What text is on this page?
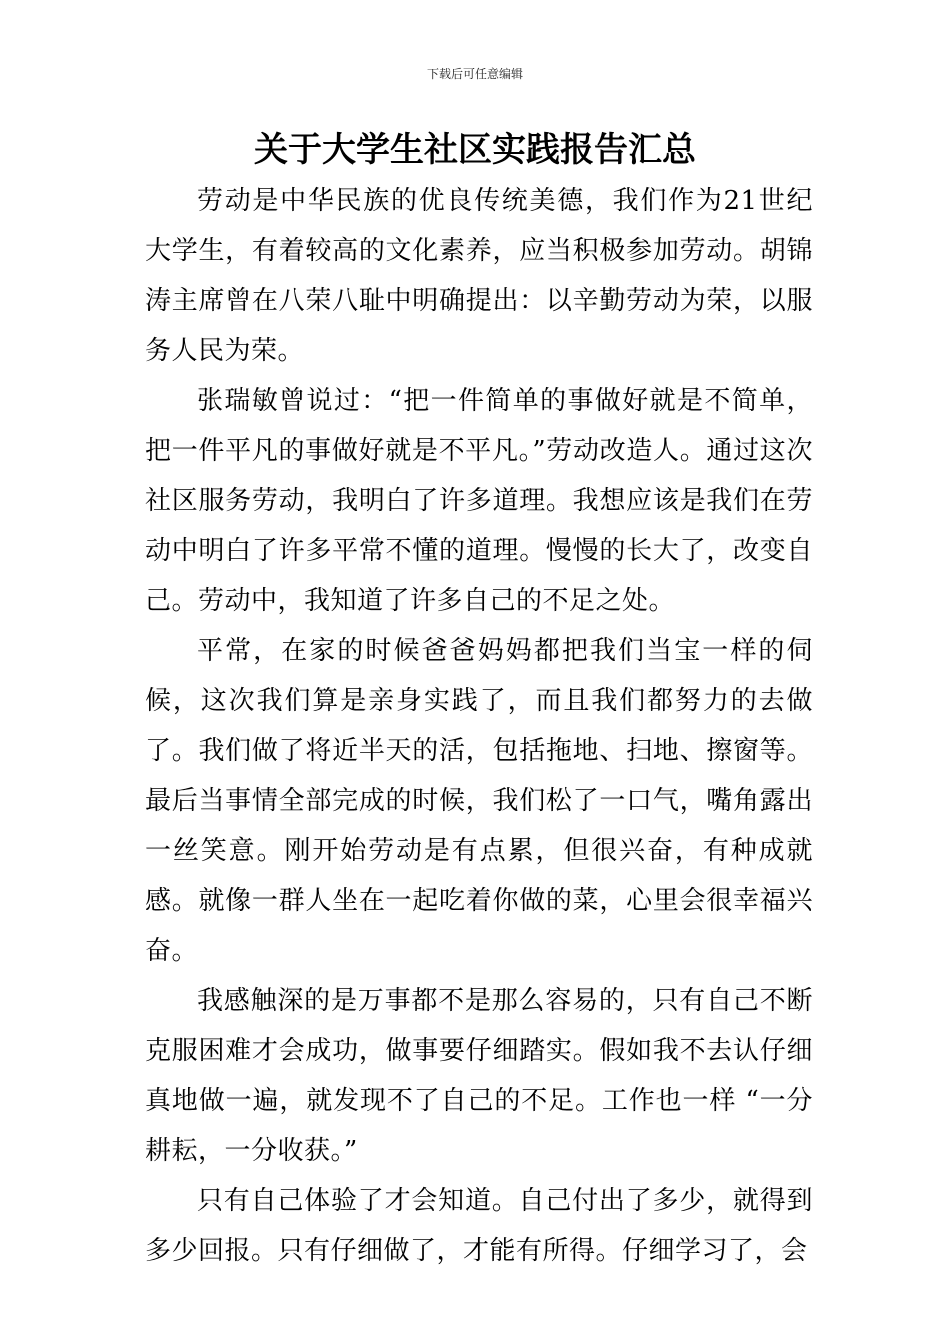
下载后可任意编辑
关于大学生社区实践报告汇总

劳动是中华民族的优良传统美德，我们作为21世纪大学生，有着较高的文化素养，应当积极参加劳动。胡锦涛主席曾在八荣八耻中明确提出：以辛勤劳动为荣，以服务人民为荣。

张瑞敏曾说过：“把一件简单的事做好就是不简单，把一件平凡的事做好就是不平凡。”劳动改造人。通过这次社区服务劳动，我明白了许多道理。我想应该是我们在劳动中明白了许多平常不懂的道理。慢慢的长大了，改变自己。劳动中，我知道了许多自己的不足之处。

平常，在家的时候爸爸妈妈都把我们当宝一样的伺候，这次我们算是亲身实践了，而且我们都努力的去做了。我们做了将近半天的活，包括拖地、扫地、擦窗等。最后当事情全部完成的时候，我们松了一口气，嘴角露出一丝笑意。刚开始劳动是有点累，但很兴奋，有种成就感。就像一群人坐在一起吃着你做的菜，心里会很幸福兴奋。

我感触深的是万事都不是那么容易的，只有自己不断克服困难才会成功，做事要仔细踏实。假如我不去认仔细真地做一遍，就发现不了自己的不足。工作也一样 “一分耕耘，一分收获。”

只有自己体验了才会知道。自己付出了多少，就得到多少回报。只有仔细做了，才能有所得。仔细学习了，会
